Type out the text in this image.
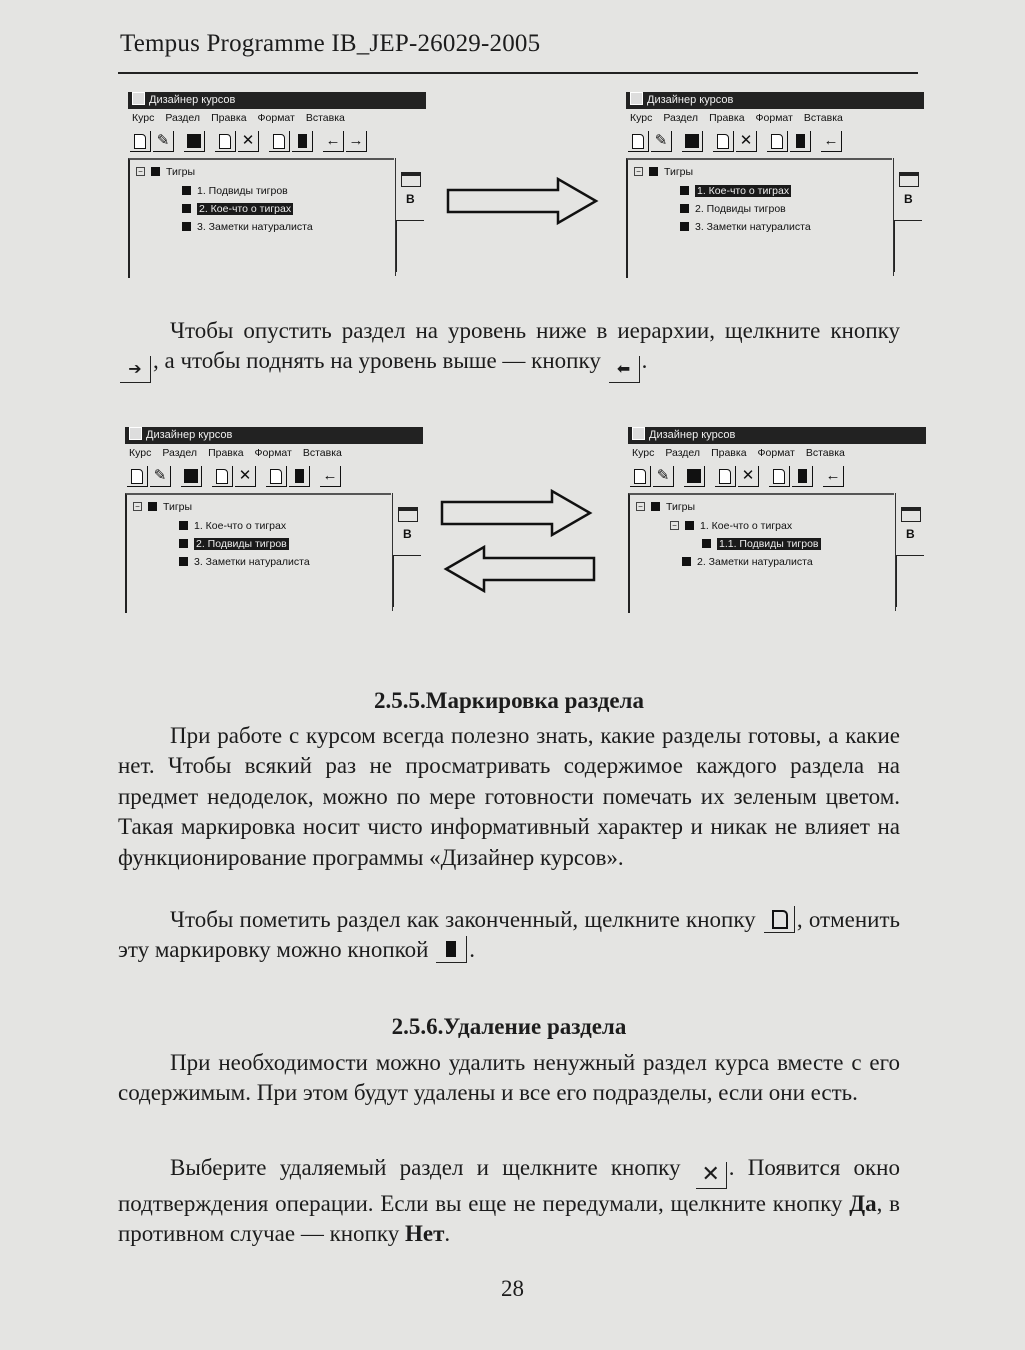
Tempus Programme IB_JEP-26029-2005
Дизайнер курсов
Курс Раздел Правка Формат Вставка
✎	✕	← →
− Тигры
1. Подвиды тигров
2. Кое-что о тиграх
3. Заметки натуралиста
B
Дизайнер курсов
Курс Раздел Правка Формат Вставка
✎	✕	←
− Тигры
1. Кое-что о тиграх
2. Подвиды тигров
3. Заметки натуралиста
B

Чтобы опустить раздел на уровень ниже в иерархии, щелкните кнопку ➔ , а чтобы поднять на уровень выше — кнопку ⬅ .

Дизайнер курсов
Курс Раздел Правка Формат Вставка
✎	✕	←
− Тигры
1. Кое-что о тиграх
2. Подвиды тигров
3. Заметки натуралиста
B
Дизайнер курсов
Курс Раздел Правка Формат Вставка
✎	✕	←
− Тигры
− 1. Кое-что о тиграх
1.1. Подвиды тигров
2. Заметки натуралиста
B
2.5.5.Маркировка раздела

При работе с курсом всегда полезно знать, какие разделы готовы, а какие нет. Чтобы всякий раз не просматривать содержимое каждого раздела на предмет недоделок, можно по мере готовности помечать их зеленым цветом. Такая маркировка носит чисто информативный характер и никак не влияет на функционирование программы «Дизайнер курсов».

Чтобы пометить раздел как законченный, щелкните кнопку , отменить эту маркировку можно кнопкой .

2.5.6.Удаление раздела

При необходимости можно удалить ненужный раздел курса вместе с его содержимым. При этом будут удалены и все его подразделы, если они есть.

Выберите удаляемый раздел и щелкните кнопку ✕ . Появится окно подтверждения операции. Если вы еще не передумали, щелкните кнопку Да, в противном случае — кнопку Нет.

28
